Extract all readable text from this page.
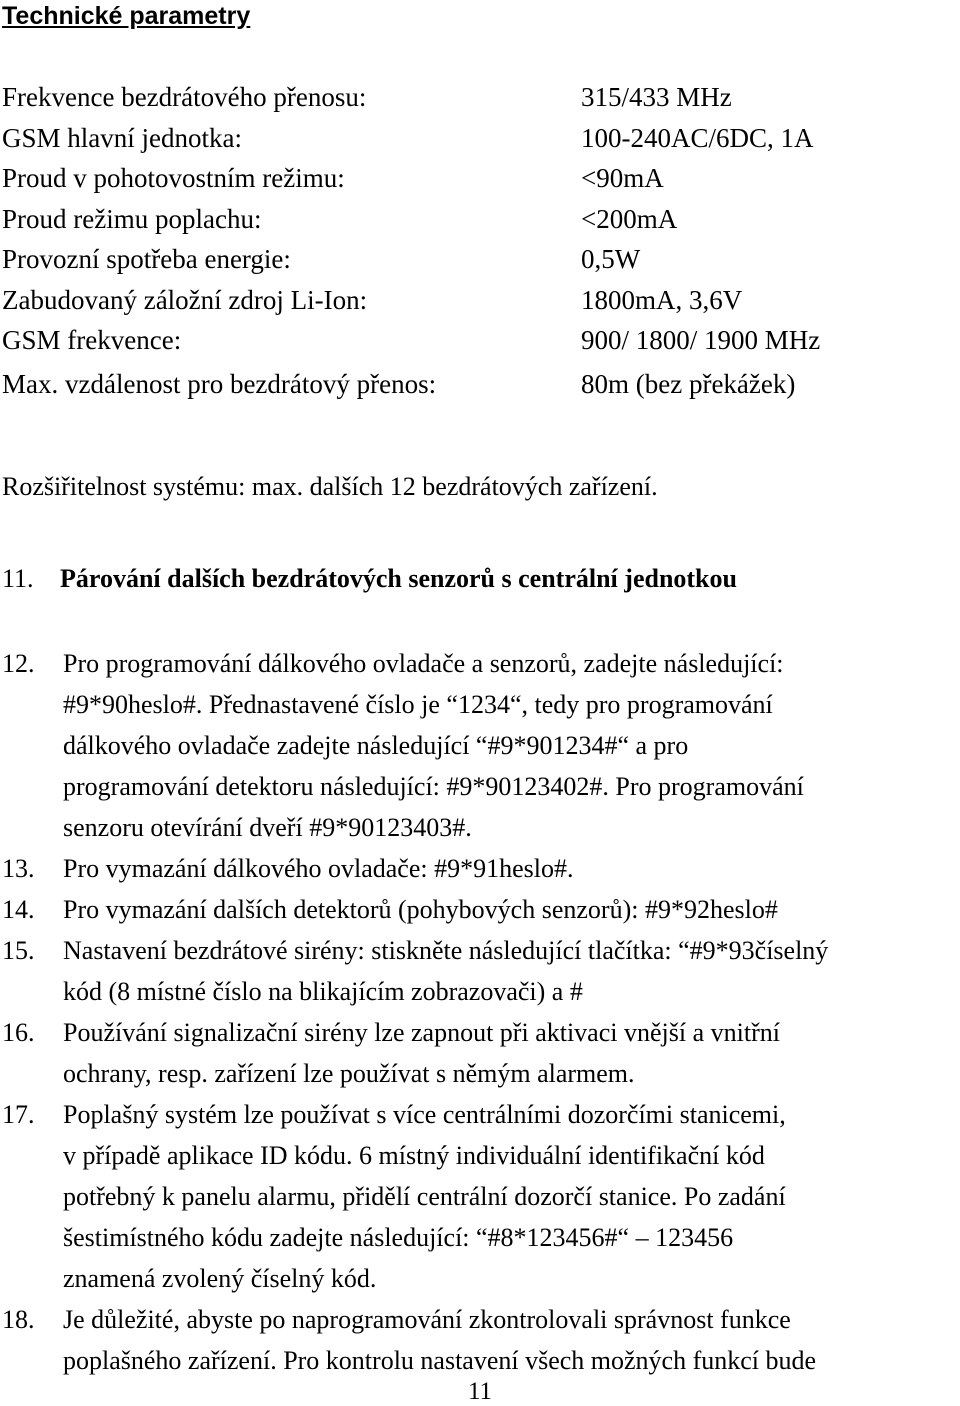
Technické parametry
Frekvence bezdrátového přenosu:	315/433 MHz
GSM hlavní jednotka:	100-240AC/6DC, 1A
Proud v pohotovostním režimu:	<90mA
Proud režimu poplachu:	<200mA
Provozní spotřeba energie:	0,5W
Zabudovaný záložní zdroj Li-Ion:	1800mA, 3,6V
GSM frekvence:	900/ 1800/ 1900 MHz
Max. vzdálenost pro bezdrátový přenos:	80m (bez překážek)
Rozšiřitelnost systému: max. dalších 12 bezdrátových zařízení.
11. Párování dalších bezdrátových senzorů s centrální jednotkou
12.	Pro programování dálkového ovladače a senzorů, zadejte následující:
#9*90heslo#. Přednastavené číslo je “1234“, tedy pro programování
dálkového ovladače zadejte následující “#9*901234#“ a pro
programování detektoru následující: #9*90123402#. Pro programování
senzoru otevírání dveří #9*90123403#.
13.	Pro vymazání dálkového ovladače: #9*91heslo#.
14.	Pro vymazání dalších detektorů (pohybových senzorů): #9*92heslo#
15.	Nastavení bezdrátové sirény: stiskněte následující tlačítka: “#9*93číselný
kód (8 místné číslo na blikajícím zobrazovači) a #
16.	Používání signalizační sirény lze zapnout při aktivaci vnější a vnitřní
ochrany, resp. zařízení lze používat s němým alarmem.
17.	Poplašný systém lze používat s více centrálními dozorčími stanicemi,
v případě aplikace ID kódu. 6 místný individuální identifikační kód
potřebný k panelu alarmu, přidělí centrální dozorčí stanice. Po zadání
šestimístného kódu zadejte následující: “#8*123456#“ – 123456
znamená zvolený číselný kód.
18.	Je důležité, abyste po naprogramování zkontrolovali správnost funkce
poplašného zařízení. Pro kontrolu nastavení všech možných funkcí bude
11
